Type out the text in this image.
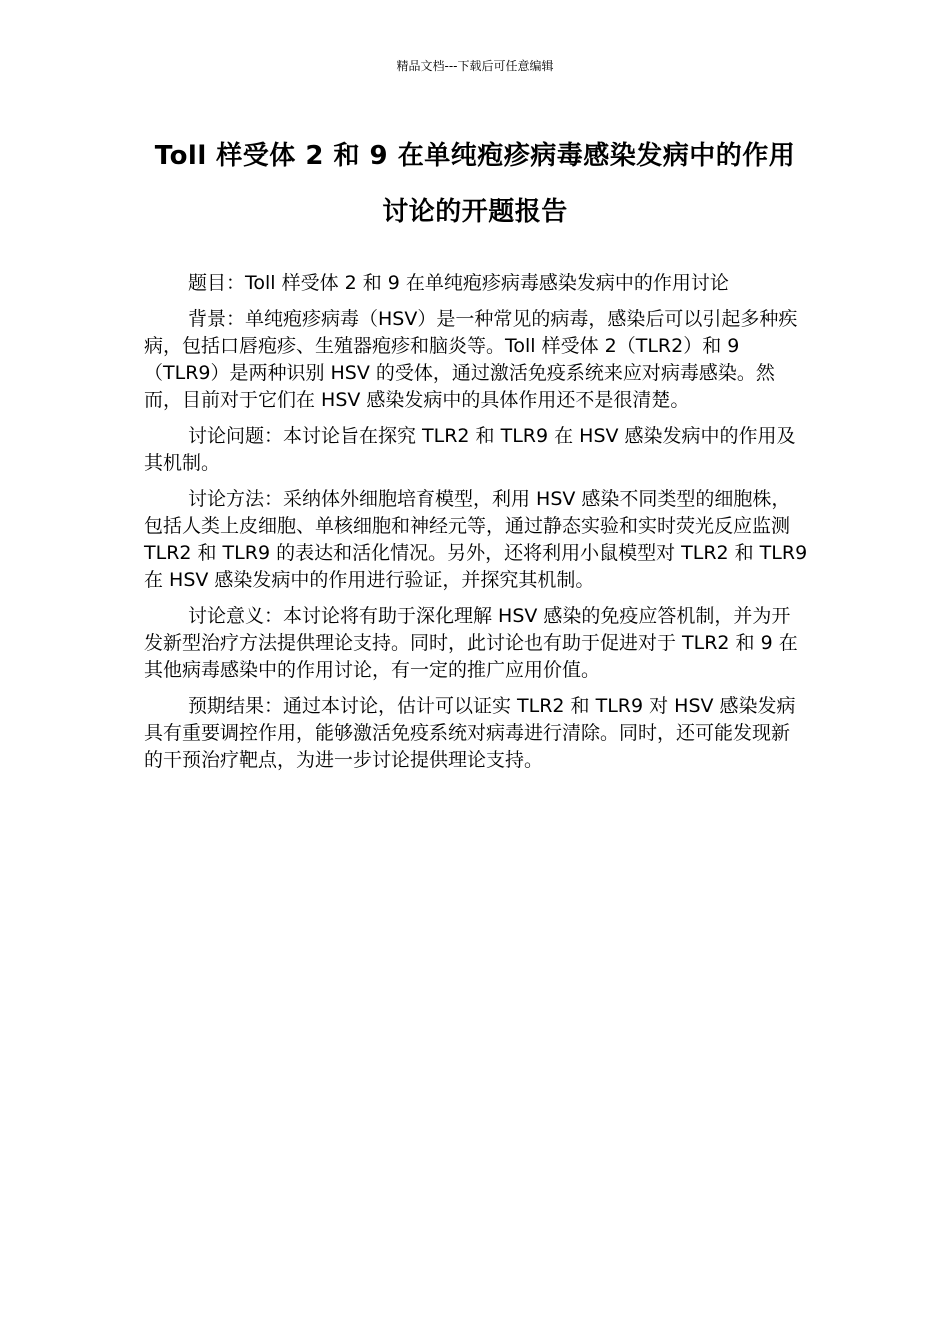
精品文档---下载后可任意编辑
Toll 样受体 2 和 9 在单纯疱疹病毒感染发病中的作用
讨论的开题报告

题目：Toll 样受体 2 和 9 在单纯疱疹病毒感染发病中的作用讨论

背景：单纯疱疹病毒（HSV）是一种常见的病毒，感染后可以引起多种疾病，包括口唇疱疹、生殖器疱疹和脑炎等。Toll 样受体 2（TLR2）和 9（TLR9）是两种识别 HSV 的受体，通过激活免疫系统来应对病毒感染。然而，目前对于它们在 HSV 感染发病中的具体作用还不是很清楚。

讨论问题：本讨论旨在探究 TLR2 和 TLR9 在 HSV 感染发病中的作用及其机制。

讨论方法：采纳体外细胞培育模型，利用 HSV 感染不同类型的细胞株，包括人类上皮细胞、单核细胞和神经元等，通过静态实验和实时荧光反应监测 TLR2 和 TLR9 的表达和活化情况。另外，还将利用小鼠模型对 TLR2 和 TLR9 在 HSV 感染发病中的作用进行验证，并探究其机制。

讨论意义：本讨论将有助于深化理解 HSV 感染的免疫应答机制，并为开发新型治疗方法提供理论支持。同时，此讨论也有助于促进对于 TLR2 和 9 在其他病毒感染中的作用讨论，有一定的推广应用价值。

预期结果：通过本讨论，估计可以证实 TLR2 和 TLR9 对 HSV 感染发病具有重要调控作用，能够激活免疫系统对病毒进行清除。同时，还可能发现新的干预治疗靶点，为进一步讨论提供理论支持。
